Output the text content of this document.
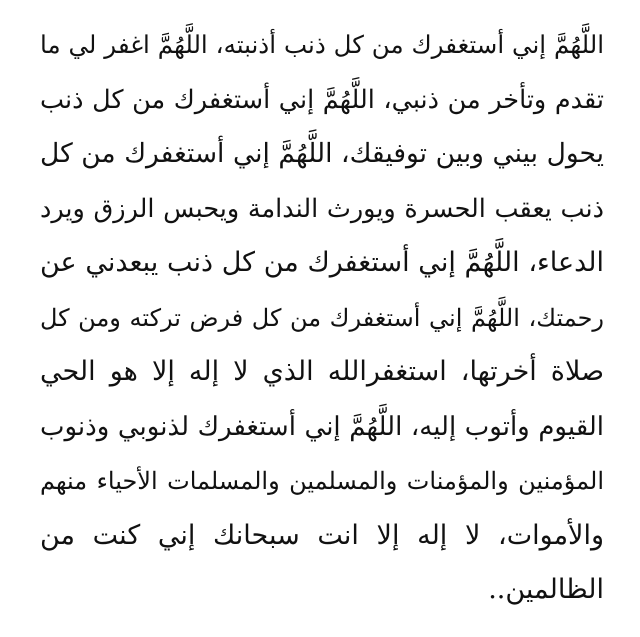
اللَّهُمَّ إني أستغفرك من كل ذنب أذنبته، اللَّهُمَّ اغفر لي ما
تقدم وتأخر من ذنبي، اللَّهُمَّ إني أستغفرك من كل ذنب
يحول بيني وبين توفيقك، اللَّهُمَّ إني أستغفرك من كل
ذنب يعقب الحسرة ويورث الندامة ويحبس الرزق ويرد
الدعاء، اللَّهُمَّ إني أستغفرك من كل ذنب يبعدني عن
رحمتك، اللَّهُمَّ إني أستغفرك من كل فرض تركته ومن كل
صلاة أخرتها، استغفرالله الذي لا إله إلا هو الحي
القيوم وأتوب إليه، اللَّهُمَّ إني أستغفرك لذنوبي وذنوب
المؤمنين والمؤمنات والمسلمين والمسلمات الأحياء منهم
والأموات، لا إله إلا انت سبحانك إني كنت من
الظالمين..
